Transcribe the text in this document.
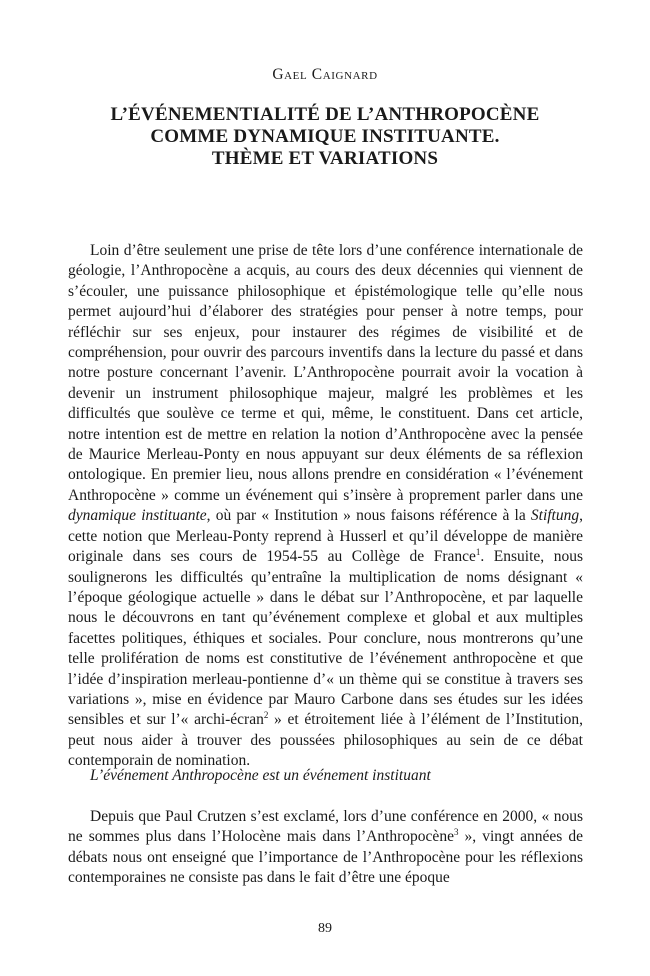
Gael Caignard
L’ÉVÉNEMENTIALITÉ DE L’ANTHROPOCÈNE
COMME DYNAMIQUE INSTITUANTE.
THÈME ET VARIATIONS

Loin d’être seulement une prise de tête lors d’une conférence internationale de géologie, l’Anthropocène a acquis, au cours des deux décennies qui viennent de s’écouler, une puissance philosophique et épistémologique telle qu’elle nous permet aujourd’hui d’élaborer des stratégies pour penser à notre temps, pour réfléchir sur ses enjeux, pour instaurer des régimes de visibilité et de compréhension, pour ouvrir des parcours inventifs dans la lecture du passé et dans notre posture concernant l’avenir. L’Anthropocène pourrait avoir la vocation à devenir un instrument philosophique majeur, malgré les problèmes et les difficultés que soulève ce terme et qui, même, le constituent. Dans cet article, notre intention est de mettre en relation la notion d’Anthropocène avec la pensée de Maurice Merleau-Ponty en nous appuyant sur deux éléments de sa réflexion ontologique. En premier lieu, nous allons prendre en considération « l’événement Anthropocène » comme un événement qui s’insère à proprement parler dans une dynamique instituante, où par « Institution » nous faisons référence à la Stiftung, cette notion que Merleau-Ponty reprend à Husserl et qu’il développe de manière originale dans ses cours de 1954-55 au Collège de France$^1$. Ensuite, nous soulignerons les difficultés qu’entraîne la multiplication de noms désignant « l’époque géologique actuelle » dans le débat sur l’Anthropocène, et par laquelle nous le découvrons en tant qu’événement complexe et global et aux multiples facettes politiques, éthiques et sociales. Pour conclure, nous montrerons qu’une telle prolifération de noms est constitutive de l’événement anthropocène et que l’idée d’inspiration merleau-pontienne d’« un thème qui se constitue à travers ses variations », mise en évidence par Mauro Carbone dans ses études sur les idées sensibles et sur l’« archi-écran$^2$ » et étroitement liée à l’élément de l’Institution, peut nous aider à trouver des poussées philosophiques au sein de ce débat contemporain de nomination.

L’événement Anthropocène est un événement instituant

Depuis que Paul Crutzen s’est exclamé, lors d’une conférence en 2000, « nous ne sommes plus dans l’Holocène mais dans l’Anthropocène$^3$ », vingt années de débats nous ont enseigné que l’importance de l’Anthropocène pour les réflexions contemporaines ne consiste pas dans le fait d’être une époque

89
